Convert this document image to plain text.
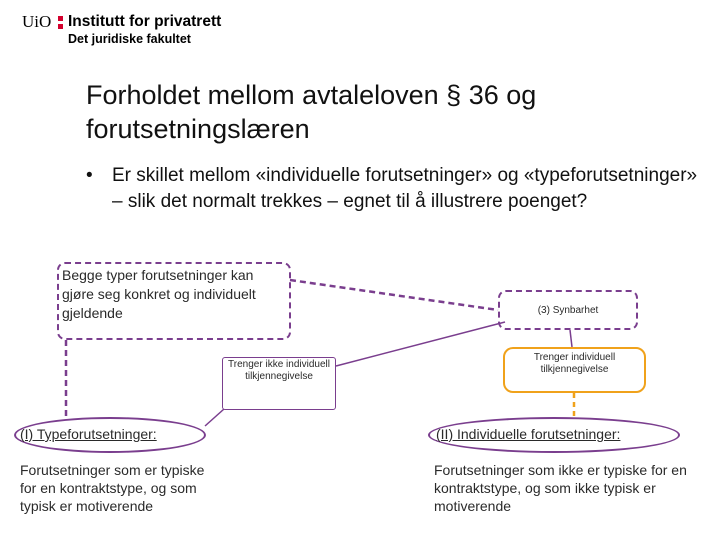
UiO Institutt for privatrett
Det juridiske fakultet
Forholdet mellom avtaleloven § 36 og forutsetningslæren
• Er skillet mellom «individuelle forutsetninger» og «typeforutsetninger» – slik det normalt trekkes – egnet til å illustrere poenget?
Begge typer forutsetninger kan gjøre seg konkret og individuelt gjeldende	(3) Synbarhet
Trenger ikke individuell tilkjennegivelse
Trenger individuell tilkjennegivelse
(I) Typeforutsetninger:	(II) Individuelle forutsetninger:
Forutsetninger som er typiske for en kontraktstype, og som typisk er motiverende
Forutsetninger som ikke er typiske for en kontraktstype, og som ikke typisk er motiverende
